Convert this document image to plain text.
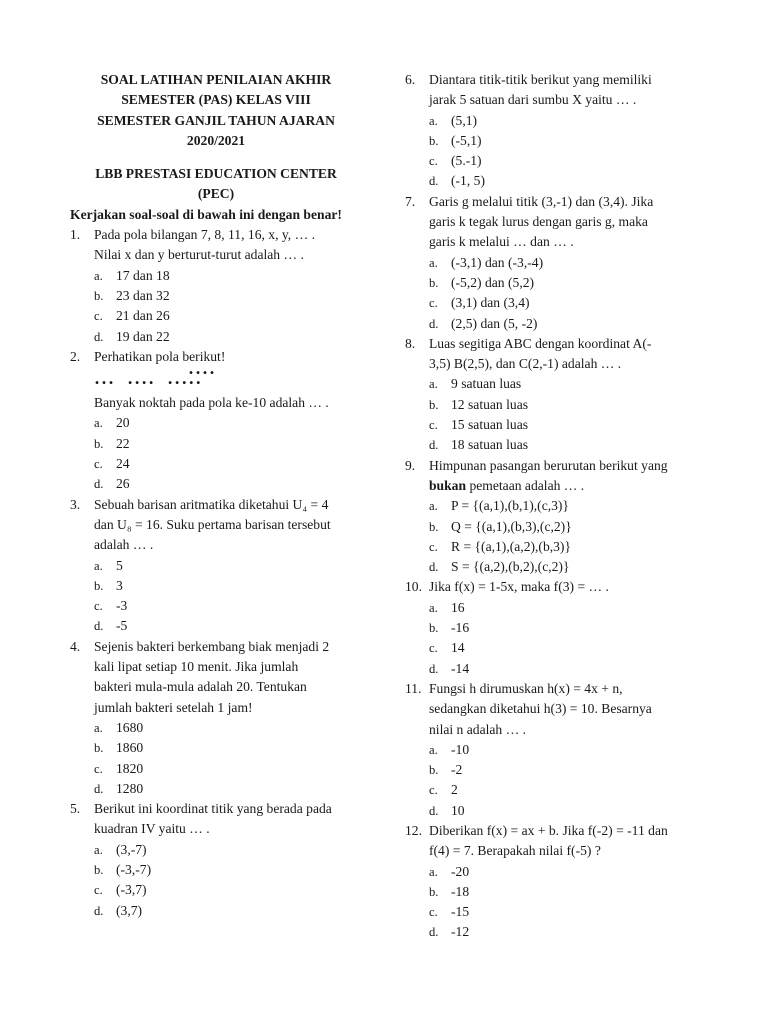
SOAL LATIHAN PENILAIAN AKHIR
SEMESTER (PAS) KELAS VIII
SEMESTER GANJIL TAHUN AJARAN
2020/2021
LBB PRESTASI EDUCATION CENTER
(PEC)
Kerjakan soal-soal di bawah ini dengan benar!
1.	Pada pola bilangan 7, 8, 11, 16, x, y, … .
Nilai x dan y berturut-turut adalah … .
a. 17 dan 18
b. 23 dan 32
c. 21 dan 26
d. 19 dan 22
2.	Perhatikan pola berikut!
∙∙∙∙
∙∙∙ ∙∙∙∙ ∙∙∙∙∙
Banyak noktah pada pola ke-10 adalah … .
a. 20
b. 22
c. 24
d. 26
3.	Sebuah barisan aritmatika diketahui U₄ = 4
dan U₈ = 16. Suku pertama barisan tersebut
adalah … .
a. 5
b. 3
c. -3
d. -5
4.	Sejenis bakteri berkembang biak menjadi 2
kali lipat setiap 10 menit. Jika jumlah
bakteri mula-mula adalah 20. Tentukan
jumlah bakteri setelah 1 jam!
a. 1680
b. 1860
c. 1820
d. 1280
5.	Berikut ini koordinat titik yang berada pada
kuadran IV yaitu … .
a. (3,-7)
b. (-3,-7)
c. (-3,7)
d. (3,7)
6.	Diantara titik-titik berikut yang memiliki
jarak 5 satuan dari sumbu X yaitu … .
a. (5,1)
b. (-5,1)
c. (5.-1)
d. (-1, 5)
7.	Garis g melalui titik (3,-1) dan (3,4). Jika
garis k tegak lurus dengan garis g, maka
garis k melalui … dan … .
a. (-3,1) dan (-3,-4)
b. (-5,2) dan (5,2)
c. (3,1) dan (3,4)
d. (2,5) dan (5, -2)
8.	Luas segitiga ABC dengan koordinat A(-
3,5) B(2,5), dan C(2,-1) adalah … .
a. 9 satuan luas
b. 12 satuan luas
c. 15 satuan luas
d. 18 satuan luas
9.	Himpunan pasangan berurutan berikut yang
bukan pemetaan adalah … .
a. P = {(a,1),(b,1),(c,3)}
b. Q = {(a,1),(b,3),(c,2)}
c. R = {(a,1),(a,2),(b,3)}
d. S = {(a,2),(b,2),(c,2)}
10. Jika f(x) = 1-5x, maka f(3) = … .
a. 16
b. -16
c. 14
d. -14
11. Fungsi h dirumuskan h(x) = 4x + n,
sedangkan diketahui h(3) = 10. Besarnya
nilai n adalah … .
a. -10
b. -2
c. 2
d. 10
12. Diberikan f(x) = ax + b. Jika f(-2) = -11 dan
f(4) = 7. Berapakah nilai f(-5) ?
a. -20
b. -18
c. -15
d. -12
